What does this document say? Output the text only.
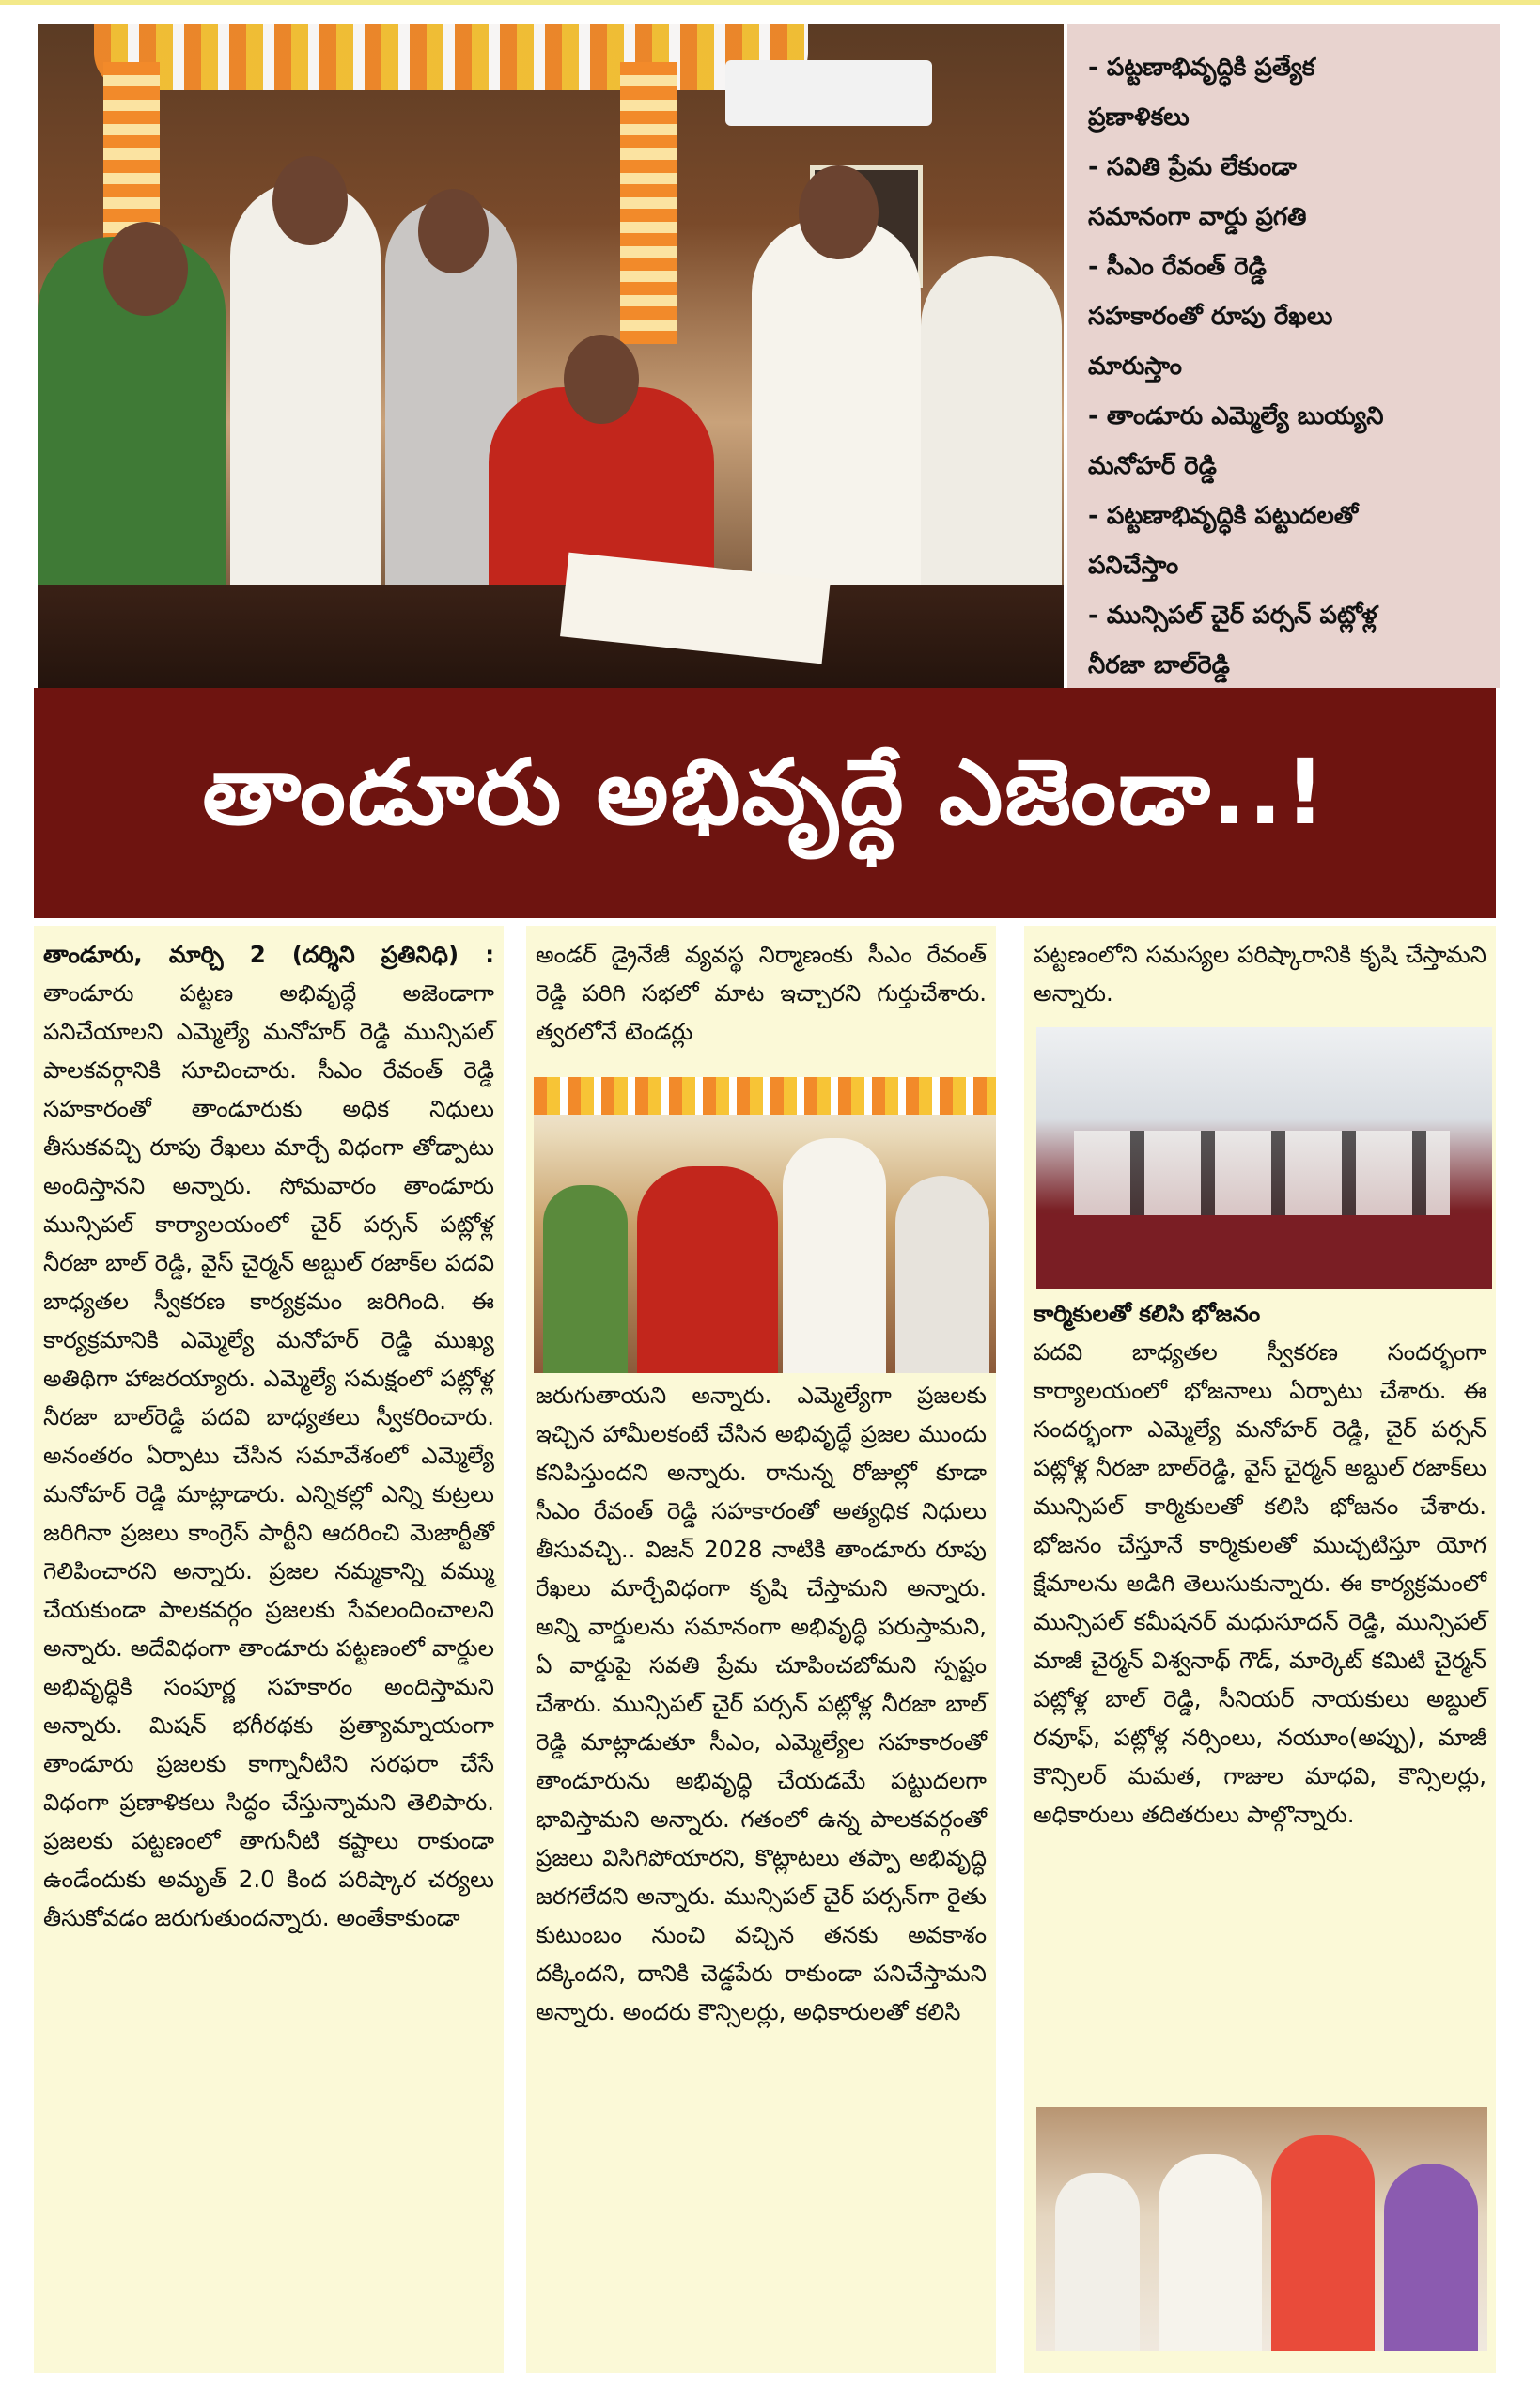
- పట్టణాభివృద్ధికి ప్రత్యేక

ప్రణాళికలు

- సవితి ప్రేమ లేకుండా

సమానంగా వార్డు ప్రగతి

- సీఎం రేవంత్ రెడ్డి

సహకారంతో రూపు రేఖలు

మారుస్తాం

- తాండూరు ఎమ్మెల్యే బుయ్యని

మనోహర్ రెడ్డి

- పట్టణాభివృద్ధికి పట్టుదలతో

పనిచేస్తాం

- మున్సిపల్ చైర్ పర్సన్ పట్లోళ్ల

నీరజా బాల్‌రెడ్డి

తాండూరు అభివృద్ధే ఎజెండా..!

తాండూరు, మార్చి 2 (దర్శిని ప్రతినిధి) : తాండూరు పట్టణ అభివృద్ధే అజెండాగా పనిచేయాలని ఎమ్మెల్యే మనోహర్ రెడ్డి మున్సిపల్ పాలకవర్గానికి సూచించారు. సీఎం రేవంత్ రెడ్డి సహకారంతో తాండూరుకు అధిక నిధులు తీసుకవచ్చి రూపు రేఖలు మార్చే విధంగా తోడ్పాటు అందిస్తానని అన్నారు. సోమవారం తాండూరు మున్సిపల్ కార్యాలయంలో చైర్ పర్సన్ పట్లోళ్ల నీరజా బాల్ రెడ్డి, వైస్ చైర్మన్ అబ్దుల్ రజాక్‌ల పదవి బాధ్యతల స్వీకరణ కార్యక్రమం జరిగింది. ఈ కార్యక్రమానికి ఎమ్మెల్యే మనోహర్ రెడ్డి ముఖ్య అతిథిగా హాజరయ్యారు. ఎమ్మెల్యే సమక్షంలో పట్లోళ్ల నీరజా బాల్‌రెడ్డి పదవి బాధ్యతలు స్వీకరించారు. అనంతరం ఏర్పాటు చేసిన సమావేశంలో ఎమ్మెల్యే మనోహర్ రెడ్డి మాట్లాడారు. ఎన్నికల్లో ఎన్ని కుట్రలు జరిగినా ప్రజలు కాంగ్రెస్ పార్టీని ఆదరించి మెజార్టీతో గెలిపించారని అన్నారు. ప్రజల నమ్మకాన్ని వమ్ము చేయకుండా పాలకవర్గం ప్రజలకు సేవలందించాలని అన్నారు. అదేవిధంగా తాండూరు పట్టణంలో వార్డుల అభివృద్ధికి సంపూర్ణ సహకారం అందిస్తామని అన్నారు. మిషన్ భగీరథకు ప్రత్యామ్నాయంగా తాండూరు ప్రజలకు కాగ్నానీటిని సరఫరా చేసే విధంగా ప్రణాళికలు సిద్ధం చేస్తున్నామని తెలిపారు. ప్రజలకు పట్టణంలో తాగునీటి కష్టాలు రాకుండా ఉండేందుకు అమృత్ 2.0 కింద పరిష్కార చర్యలు తీసుకోవడం జరుగుతుందన్నారు. అంతేకాకుండా

అండర్ డ్రైనేజీ వ్యవస్థ నిర్మాణంకు సీఎం రేవంత్ రెడ్డి పరిగి సభలో మాట ఇచ్చారని గుర్తుచేశారు. త్వరలోనే టెండర్లు

జరుగుతాయని అన్నారు. ఎమ్మెల్యేగా ప్రజలకు ఇచ్చిన హామీలకంటే చేసిన అభివృద్ధే ప్రజల ముందు కనిపిస్తుందని అన్నారు. రానున్న రోజుల్లో కూడా సీఎం రేవంత్ రెడ్డి సహకారంతో అత్యధిక నిధులు తీసువచ్చి.. విజన్ 2028 నాటికి తాండూరు రూపు రేఖలు మార్చేవిధంగా కృషి చేస్తామని అన్నారు. అన్ని వార్డులను సమానంగా అభివృద్ధి పరుస్తామని, ఏ వార్డుపై సవతి ప్రేమ చూపించబోమని స్పష్టం చేశారు. మున్సిపల్ చైర్ పర్సన్ పట్లోళ్ల నీరజా బాల్ రెడ్డి మాట్లాడుతూ సీఎం, ఎమ్మెల్యేల సహకారంతో తాండూరును అభివృద్ధి చేయడమే పట్టుదలగా భావిస్తామని అన్నారు. గతంలో ఉన్న పాలకవర్గంతో ప్రజలు విసిగిపోయారని, కొట్లాటలు తప్పా అభివృద్ధి జరగలేదని అన్నారు. మున్సిపల్ చైర్ పర్సన్‌గా రైతు కుటుంబం నుంచి వచ్చిన తనకు అవకాశం దక్కిందని, దానికి చెడ్డపేరు రాకుండా పనిచేస్తామని అన్నారు. అందరు కౌన్సిలర్లు, అధికారులతో కలిసి

పట్టణంలోని సమస్యల పరిష్కారానికి కృషి చేస్తామని అన్నారు.

కార్మికులతో కలిసి భోజనం

పదవి బాధ్యతల స్వీకరణ సందర్భంగా కార్యాలయంలో భోజనాలు ఏర్పాటు చేశారు. ఈ సందర్భంగా ఎమ్మెల్యే మనోహర్ రెడ్డి, చైర్ పర్సన్ పట్లోళ్ల నీరజా బాల్‌రెడ్డి, వైస్ చైర్మన్ అబ్దుల్ రజాక్‌లు మున్సిపల్ కార్మికులతో కలిసి భోజనం చేశారు. భోజనం చేస్తూనే కార్మికులతో ముచ్చటిస్తూ యోగ క్షేమాలను అడిగి తెలుసుకున్నారు. ఈ కార్యక్రమంలో మున్సిపల్ కమీషనర్ మధుసూదన్ రెడ్డి, మున్సిపల్ మాజీ చైర్మన్ విశ్వనాథ్ గౌడ్, మార్కెట్ కమిటి చైర్మన్ పట్లోళ్ల బాల్ రెడ్డి, సీనియర్ నాయకులు అబ్దుల్ రవూఫ్, పట్లోళ్ల నర్సింలు, నయూం(అప్పు), మాజీ కౌన్సిలర్ మమత, గాజుల మాధవి, కౌన్సిలర్లు, అధికారులు తదితరులు పాల్గొన్నారు.
